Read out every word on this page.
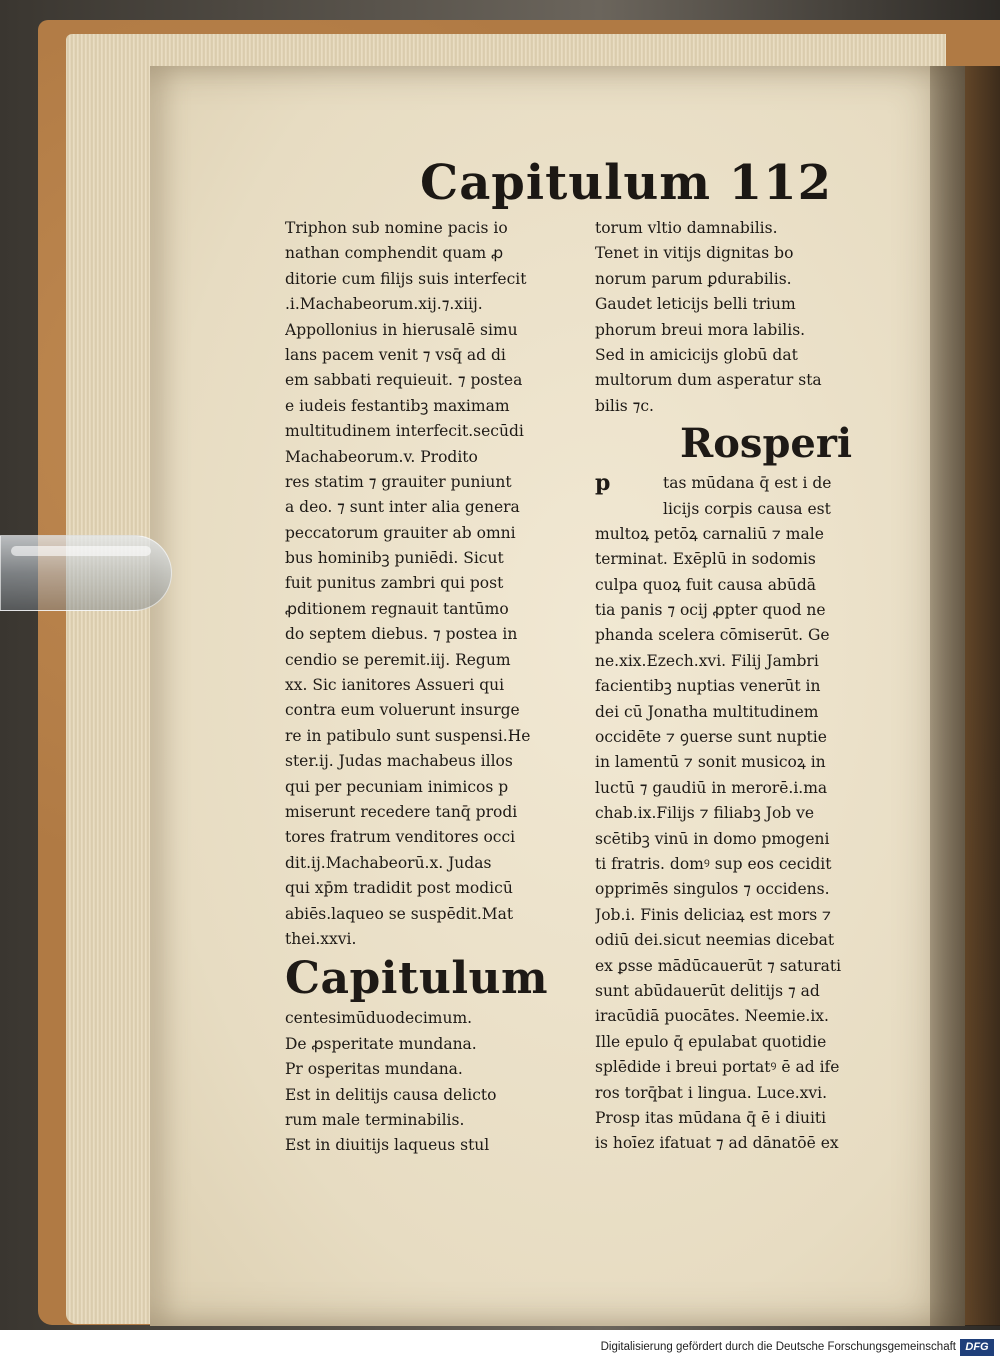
Capitulum 112
Triphon sub nomine pacis io
nathan comphendit quam ꝓ
ditorie cum filijs suis interfecit
.i.Machabeorum.xij.⁊.xiij.
Appollonius in hierusalē simu
lans pacem venit ⁊ vsq̄ ad di
em sabbati requieuit. ⁊ postea
e iudeis festantibꝫ maximam
multitudinem interfecit.secūdi
Machabeorum.v. Prodito
res statim ⁊ grauiter puniunt
a deo. ⁊ sunt inter alia genera
peccatorum grauiter ab omni
bus hominibꝫ puniēdi. Sicut
fuit punitus zambri qui post
ꝓditionem regnauit tantūmo
do septem diebus. ⁊ postea in
cendio se peremit.iij. Regum
xx. Sic ianitores Assueri qui
contra eum voluerunt insurge
re in patibulo sunt suspensi.He
ster.ij. Judas machabeus illos
qui per pecuniam inimicos p
miserunt recedere tanq̄ prodi
tores fratrum venditores occi
dit.ij.Machabeorū.x. Judas
qui xp̄m tradidit post modicū
abiēs.laqueo se suspēdit.Mat
thei.xxvi.
Capitulum
centesimūduodecimum.
De ꝓsperitate mundana.
Pr osperitas mundana.
Est in delitijs causa delicto
rum male terminabilis.
Est in diuitijs laqueus stul
torum vltio damnabilis.
Tenet in vitijs dignitas bo
norum parum ꝑdurabilis.
Gaudet leticijs belli trium
phorum breui mora labilis.
Sed in amicicijs globū dat
multorum dum asperatur sta
bilis ⁊c.
Rosperi
p	tas mūdana q̄ est i de
licijs corpis causa est
multoꝝ petōꝝ carnaliū ⁊ male
terminat. Exēplū in sodomis
culpa quoꝝ fuit causa abūdā
tia panis ⁊ ocij ꝓpter quod ne
phanda scelera cōmiserūt. Ge
ne.xix.Ezech.xvi. Filij Jambri
facientibꝫ nuptias venerūt in
dei cū Jonatha multitudinem
occidēte ⁊ ꝯuerse sunt nuptie
in lamentū ⁊ sonit musicoꝝ in
luctū ⁊ gaudiū in merorē.i.ma
chab.ix.Filijs ⁊ filiabꝫ Job ve
scētibꝫ vinū in domo pmogeni
ti fratris. domꝰ sup eos cecidit
opprimēs singulos ⁊ occidens.
Job.i. Finis deliciaꝝ est mors ⁊
odiū dei.sicut neemias dicebat
ex ꝑsse mādūcauerūt ⁊ saturati
sunt abūdauerūt delitijs ⁊ ad
iracūdiā puocātes. Neemie.ix.
Ille epulo q̄ epulabat quotidie
splēdide i breui portatꝰ ē ad ife
ros torq̄bat i lingua. Luce.xvi.
Prosp itas mūdana q̄ ē i diuiti
is hoīez ifatuat ⁊ ad dānatōē ex
Digitalisierung gefördert durch die Deutsche Forschungsgemeinschaft DFG
